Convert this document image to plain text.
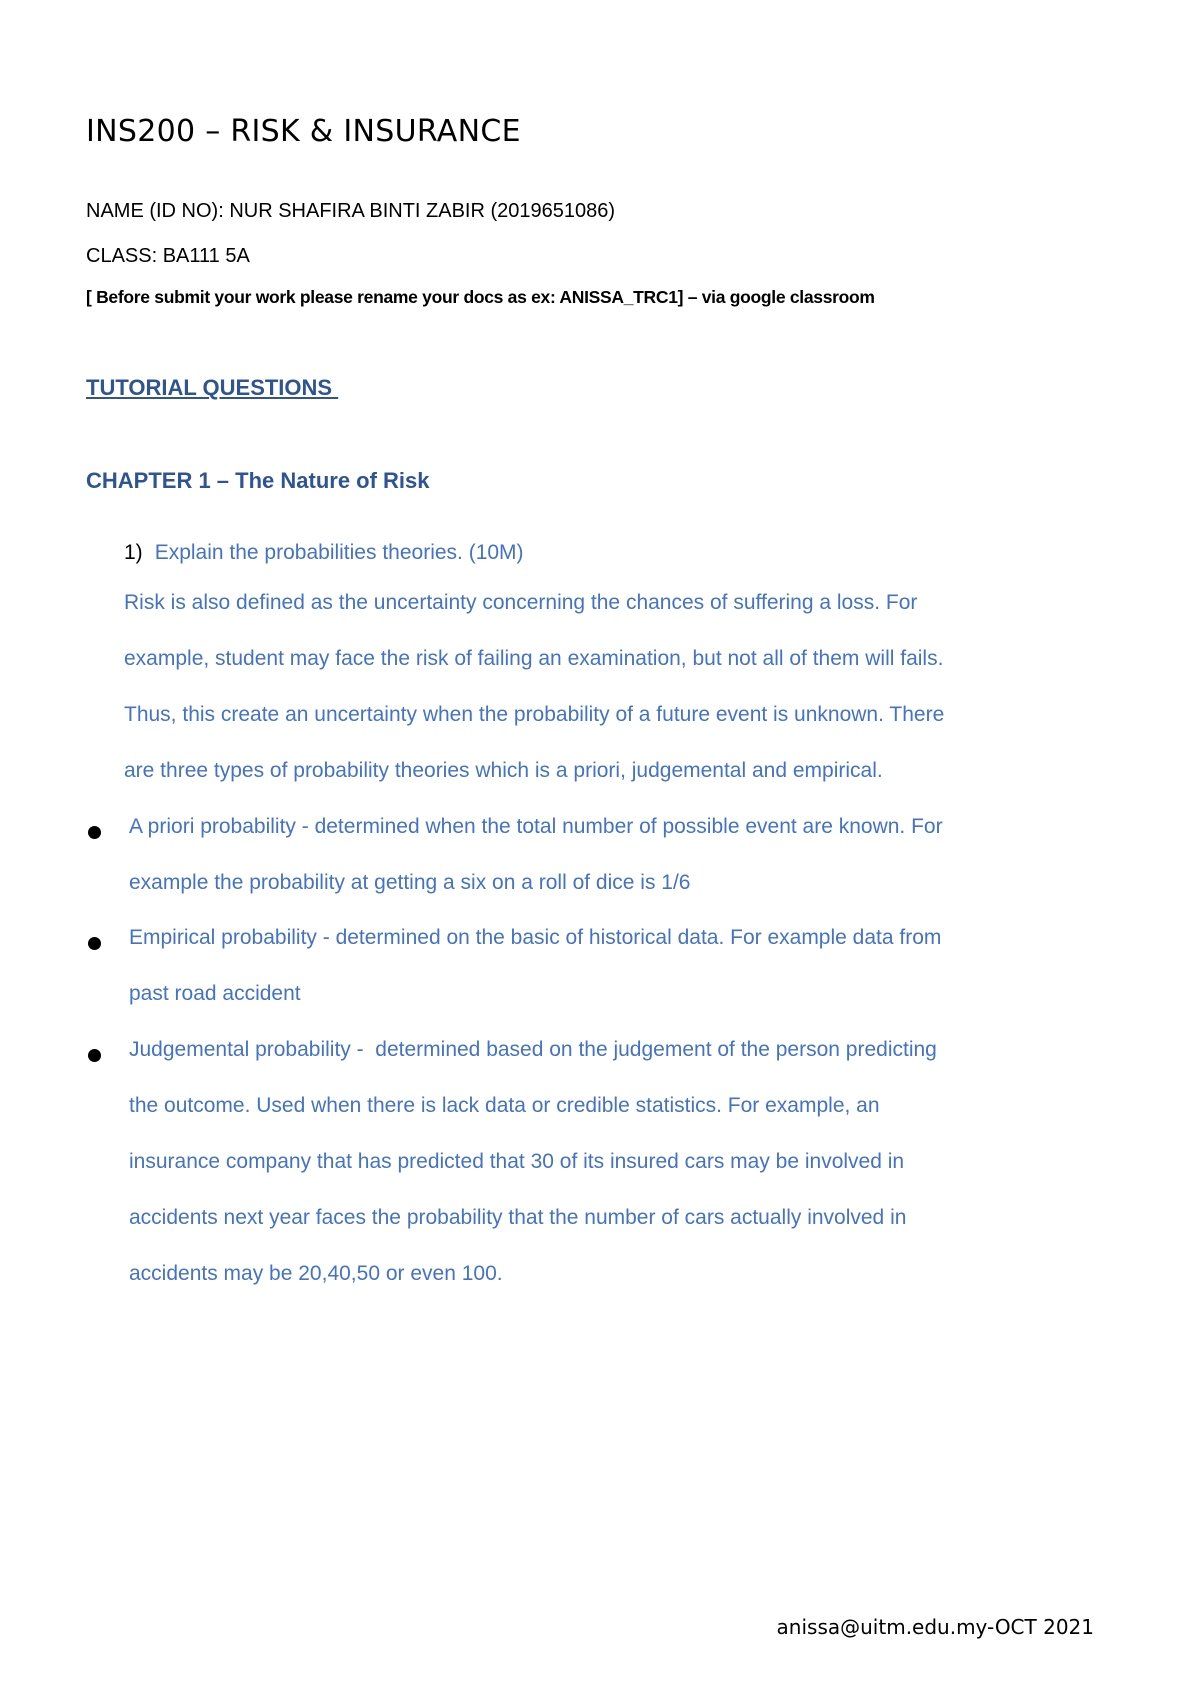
INS200 – RISK & INSURANCE
NAME (ID NO): NUR SHAFIRA BINTI ZABIR (2019651086)
CLASS: BA111 5A
[ Before submit your work please rename your docs as ex: ANISSA_TRC1] – via google classroom
TUTORIAL QUESTIONS
CHAPTER 1 – The Nature of Risk
1) Explain the probabilities theories. (10M)
Risk is also defined as the uncertainty concerning the chances of suffering a loss. For
example, student may face the risk of failing an examination, but not all of them will fails.
Thus, this create an uncertainty when the probability of a future event is unknown. There
are three types of probability theories which is a priori, judgemental and empirical.
A priori probability - determined when the total number of possible event are known. For
example the probability at getting a six on a roll of dice is 1/6
Empirical probability - determined on the basic of historical data. For example data from
past road accident
Judgemental probability -  determined based on the judgement of the person predicting
the outcome. Used when there is lack data or credible statistics. For example, an
insurance company that has predicted that 30 of its insured cars may be involved in
accidents next year faces the probability that the number of cars actually involved in
accidents may be 20,40,50 or even 100.
anissa@uitm.edu.my-OCT 2021
